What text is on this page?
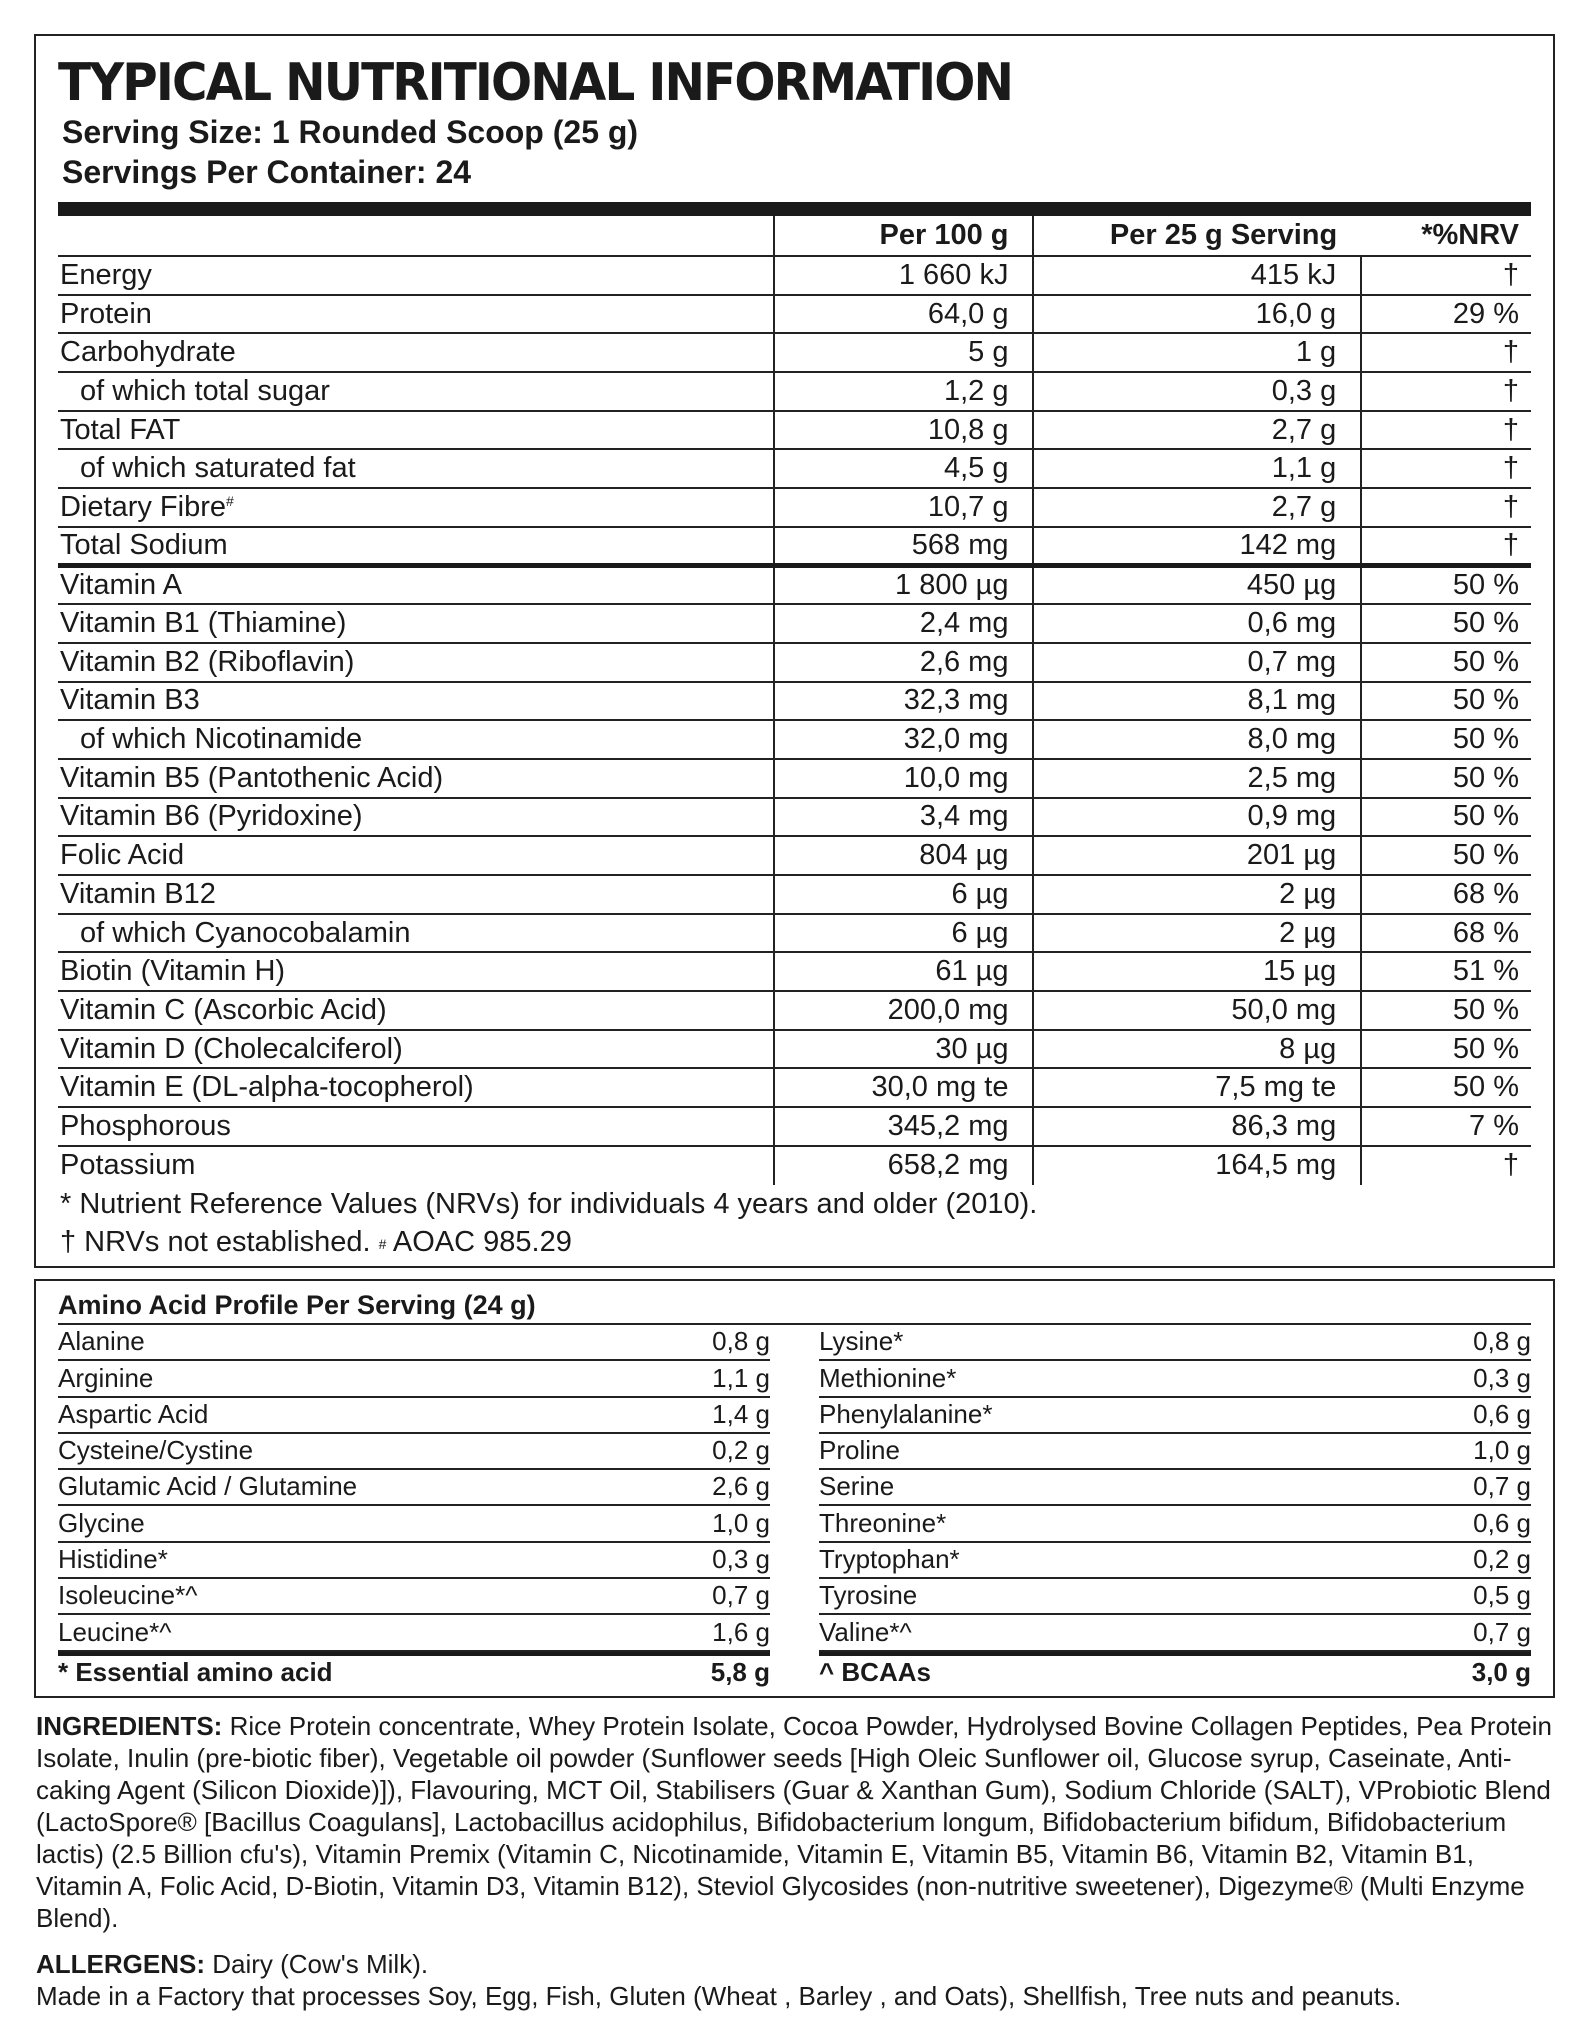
TYPICAL NUTRITIONAL INFORMATION
Serving Size: 1 Rounded Scoop (25 g)
Servings Per Container: 24
	Per 100 g	Per 25 g Serving	*%NRV
Energy	1 660 kJ	415 kJ	†
Protein	64,0 g	16,0 g	29 %
Carbohydrate	5 g	1 g	†
of which total sugar	1,2 g	0,3 g	†
Total FAT	10,8 g	2,7 g	†
of which saturated fat	4,5 g	1,1 g	†
Dietary Fibre#	10,7 g	2,7 g	†
Total Sodium	568 mg	142 mg	†
Vitamin A	1 800 µg	450 µg	50 %
Vitamin B1 (Thiamine)	2,4 mg	0,6 mg	50 %
Vitamin B2 (Riboflavin)	2,6 mg	0,7 mg	50 %
Vitamin B3	32,3 mg	8,1 mg	50 %
of which Nicotinamide	32,0 mg	8,0 mg	50 %
Vitamin B5 (Pantothenic Acid)	10,0 mg	2,5 mg	50 %
Vitamin B6 (Pyridoxine)	3,4 mg	0,9 mg	50 %
Folic Acid	804 µg	201 µg	50 %
Vitamin B12	6 µg	2 µg	68 %
of which Cyanocobalamin	6 µg	2 µg	68 %
Biotin (Vitamin H)	61 µg	15 µg	51 %
Vitamin C (Ascorbic Acid)	200,0 mg	50,0 mg	50 %
Vitamin D (Cholecalciferol)	30 µg	8 µg	50 %
Vitamin E (DL-alpha-tocopherol)	30,0 mg te	7,5 mg te	50 %
Phosphorous	345,2 mg	86,3 mg	7 %
Potassium	658,2 mg	164,5 mg	†
* Nutrient Reference Values (NRVs) for individuals 4 years and older (2010).
† NRVs not established. # AOAC 985.29
Amino Acid Profile Per Serving (24 g)
Alanine	0,8 g
Arginine	1,1 g
Aspartic Acid	1,4 g
Cysteine/Cystine	0,2 g
Glutamic Acid / Glutamine	2,6 g
Glycine	1,0 g
Histidine*	0,3 g
Isoleucine*^	0,7 g
Leucine*^	1,6 g
* Essential amino acid	5,8 g
Lysine*	0,8 g
Methionine*	0,3 g
Phenylalanine*	0,6 g
Proline	1,0 g
Serine	0,7 g
Threonine*	0,6 g
Tryptophan*	0,2 g
Tyrosine	0,5 g
Valine*^	0,7 g
^ BCAAs	3,0 g
INGREDIENTS: Rice Protein concentrate, Whey Protein Isolate, Cocoa Powder, Hydrolysed Bovine Collagen Peptides, Pea Protein Isolate, Inulin (pre-biotic fiber), Vegetable oil powder (Sunflower seeds [High Oleic Sunflower oil, Glucose syrup, Caseinate, Anti-caking Agent (Silicon Dioxide)]), Flavouring, MCT Oil, Stabilisers (Guar & Xanthan Gum), Sodium Chloride (SALT), VProbiotic Blend (LactoSpore® [Bacillus Coagulans], Lactobacillus acidophilus, Bifidobacterium longum, Bifidobacterium bifidum, Bifidobacterium lactis) (2.5 Billion cfu's), Vitamin Premix (Vitamin C, Nicotinamide, Vitamin E, Vitamin B5, Vitamin B6, Vitamin B2, Vitamin B1, Vitamin A, Folic Acid, D-Biotin, Vitamin D3, Vitamin B12), Steviol Glycosides (non-nutritive sweetener), Digezyme® (Multi Enzyme Blend).
ALLERGENS: Dairy (Cow's Milk).
Made in a Factory that processes Soy, Egg, Fish, Gluten (Wheat , Barley , and Oats), Shellfish, Tree nuts and peanuts.
